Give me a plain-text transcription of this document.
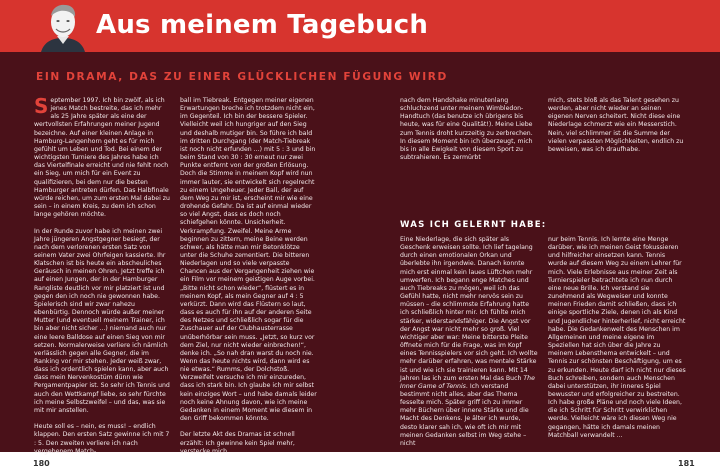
Aus meinem Tagebuch
EIN DRAMA, DAS ZU EINER GLÜCKLICHEN FÜGUNG WIRD
September 1997. Ich bin zwölf, als ich jenes Match bestreite, das ich mehr als 25 Jahre später als eine der wertvollsten Erfahrungen meiner Jugend bezeichne. Auf einer kleinen Anlage in Hamburg-Langenhorn geht es für mich gefühlt um Leben und Tod. Bei einem der wichtigsten Turniere des Jahres habe ich das Viertelfinale erreicht und nie fehlt noch ein Sieg, um mich für ein Event zu qualifizieren, bei dem nur die besten Hamburger antreten dürfen. Das Halbfinale würde reichen, um zum ersten Mal dabei zu sein – in einem Kreis, zu dem ich schon lange gehören möchte.

In der Runde zuvor habe ich meinen zwei Jahre jüngeren Angstgegner besiegt, der nach dem verlorenen ersten Satz von seinem Vater zwei Ohrfeigen kassierte. Ihr Klatschen ist bis heute ein abscheuliches Geräusch in meinen Ohren. Jetzt treffe ich auf einen Jungen, der in der Hamburger Rangliste deutlich vor mir platziert ist und gegen den ich noch nie gewonnen habe. Spielerisch sind wir zwar nahezu ebenbürtig. Dennoch würde außer meiner Mutter (und eventuell meinem Trainer, ich bin aber nicht sicher ...) niemand auch nur eine leere Balldose auf einen Sieg von mir setzen. Normalerweise verliere ich nämlich verlässlich gegen alle Gegner, die im Ranking vor mir stehen. Jeder weiß zwar, dass ich ordentlich spielen kann, aber auch dass mein Nervenkostüm dünn wie Pergamentpapier ist. So sehr ich Tennis und auch den Wettkampf liebe, so sehr fürchte ich meine Selbstzweifel – und das, was sie mit mir anstellen.

Heute soll es – nein, es muss! – endlich klappen. Den ersten Satz gewinne ich mit 7 : 5. Den zweiten verliere ich nach vergebenem Match-
ball im Tiebreak. Entgegen meiner eigenen Erwartungen breche ich trotzdem nicht ein, im Gegenteil. Ich bin der bessere Spieler. Vielleicht weil ich hungriger auf den Sieg und deshalb mutiger bin. So führe ich bald im dritten Durchgang (der Match-Tiebreak ist noch nicht erfunden ...) mit 5 : 3 und bin beim Stand von 30 : 30 erneut nur zwei Punkte entfernt von der großen Erlösung. Doch die Stimme in meinem Kopf wird nun immer lauter, sie entwickelt sich regelrecht zu einem Ungeheuer. Jeder Ball, der auf dem Weg zu mir ist, erscheint mir wie eine drohende Gefahr. Da ist auf einmal wieder so viel Angst, dass es doch noch schiefgehen könnte. Unsicherheit. Verkrampfung. Zweifel. Meine Arme beginnen zu zittern, meine Beine werden schwer, als hätte man mir Betonklötze unter die Schuhe zementiert. Die bitteren Niederlagen und so viele verpasste Chancen aus der Vergangenheit ziehen wie ein Film vor meinem geistigen Auge vorbei. „Bitte nicht schon wieder“, flüstert es in meinem Kopf, als mein Gegner auf 4 : 5 verkürzt. Dann wird das Flüstern so laut, dass es auch für ihn auf der anderen Seite des Netzes und schließlich sogar für die Zuschauer auf der Clubhausterrasse unüberhörbar sein muss. „Jetzt, so kurz vor dem Ziel, nur nicht wieder einbrechen!“, denke ich. „So nah dran warst du noch nie. Wenn das heute nichts wird, dann wird es nie etwas.“ Rumms, der Dolchstoß. Verzweifelt versuche ich mir einzureden, dass ich stark bin. Ich glaube ich mir selbst kein einziges Wort – und habe damals leider noch keine Ahnung davon, wie ich meine Gedanken in einem Moment wie diesem in den Griff bekommen könnte.

Der letzte Akt des Dramas ist schnell erzählt: Ich gewinne kein Spiel mehr, verstecke mich
nach dem Handshake minutenlang schluchzend unter meinem Wimbledon-Handtuch (das benutze ich übrigens bis heute, was für eine Qualität!). Meine Liebe zum Tennis droht kurzzeitig zu zerbrechen. In diesem Moment bin ich überzeugt, mich bis in alle Ewigkeit von diesem Sport zu subtrahieren. Es zermürbt
mich, stets bloß als das Talent gesehen zu werden, aber nicht wieder an seinen eigenen Nerven scheitert. Nicht diese eine Niederlage schmerzt wie ein Messerstich. Nein, viel schlimmer ist die Summe der vielen verpassten Möglichkeiten, endlich zu beweisen, was ich draufhabe.
WAS ICH GELERNT HABE:
Eine Niederlage, die sich später als Geschenk erweisen sollte. Ich lief tagelang durch einen emotionalen Orkan und überlebte ihn irgendwie. Danach konnte mich erst einmal kein laues Lüftchen mehr umwerfen. Ich begann enge Matches und auch Tiebreaks zu mögen, weil ich das Gefühl hatte, nicht mehr nervös sein zu müssen – die schlimmste Erfahrung hatte ich schließlich hinter mir. Ich fühlte mich stärker, widerstandsfähiger. Die Angst vor der Angst war nicht mehr so groß. Viel wichtiger aber war: Meine bitterste Pleite öffnete mich für die Frage, was im Kopf eines Tennisspielers vor sich geht. Ich wollte mehr darüber erfahren, was mentale Stärke ist und wie ich sie trainieren kann. Mit 14 Jahren las ich zum ersten Mal das Buch The Inner Game of Tennis. Ich verstand bestimmt nicht alles, aber das Thema fesselte mich. Später griff ich zu immer mehr Büchern über innere Stärke und die Macht des Denkens. Je älter ich wurde, desto klarer sah ich, wie oft ich mir mit meinen Gedanken selbst im Weg stehe – nicht
nur beim Tennis. Ich lernte eine Menge darüber, wie ich meinen Geist fokussieren und hilfreicher einsetzen kann. Tennis wurde auf diesem Weg zu einem Lehrer für mich. Viele Erlebnisse aus meiner Zeit als Turnierspieler betrachtete ich nun durch eine neue Brille. Ich verstand sie zunehmend als Wegweiser und konnte meinen Frieden damit schließen, dass ich einige sportliche Ziele, denen ich als Kind und Jugendlicher hinterherlief, nicht erreicht habe. Die Gedankenwelt des Menschen im Allgemeinen und meine eigene im Speziellen hat sich über die Jahre zu meinem Lebensthema entwickelt – und Tennis zur schönsten Beschäftigung, um es zu erkunden. Heute darf ich nicht nur dieses Buch schreiben, sondern auch Menschen dabei unterstützen, ihr inneres Spiel bewusster und erfolgreicher zu bestreiten. Ich habe große Pläne und noch viele Ideen, die ich Schritt für Schritt verwirklichen werde. Vielleicht wäre ich diesen Weg nie gegangen, hätte ich damals meinen Matchball verwandelt ...
180	181
